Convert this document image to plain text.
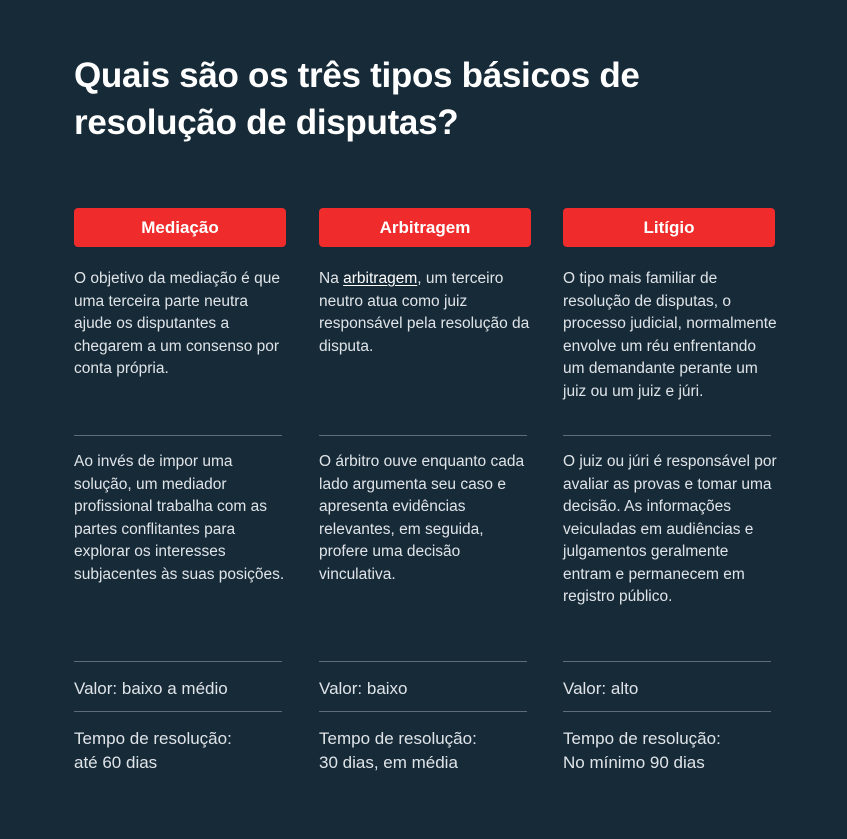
Quais são os três tipos básicos de resolução de disputas?
Mediação
O objetivo da mediação é que uma terceira parte neutra ajude os disputantes a chegarem a um consenso por conta própria.
Ao invés de impor uma solução, um mediador profissional trabalha com as partes conflitantes para explorar os interesses subjacentes às suas posições.
Valor: baixo a médio
Tempo de resolução:
até 60 dias
Arbitragem
Na arbitragem, um terceiro neutro atua como juiz responsável pela resolução da disputa.
O árbitro ouve enquanto cada lado argumenta seu caso e apresenta evidências relevantes, em seguida, profere uma decisão vinculativa.
Valor: baixo
Tempo de resolução:
30 dias, em média
Litígio
O tipo mais familiar de resolução de disputas, o processo judicial, normalmente envolve um réu enfrentando um demandante perante um juiz ou um juiz e júri.
O juiz ou júri é responsável por avaliar as provas e tomar uma decisão. As informações veiculadas em audiências e julgamentos geralmente entram e permanecem em registro público.
Valor: alto
Tempo de resolução:
No mínimo 90 dias
